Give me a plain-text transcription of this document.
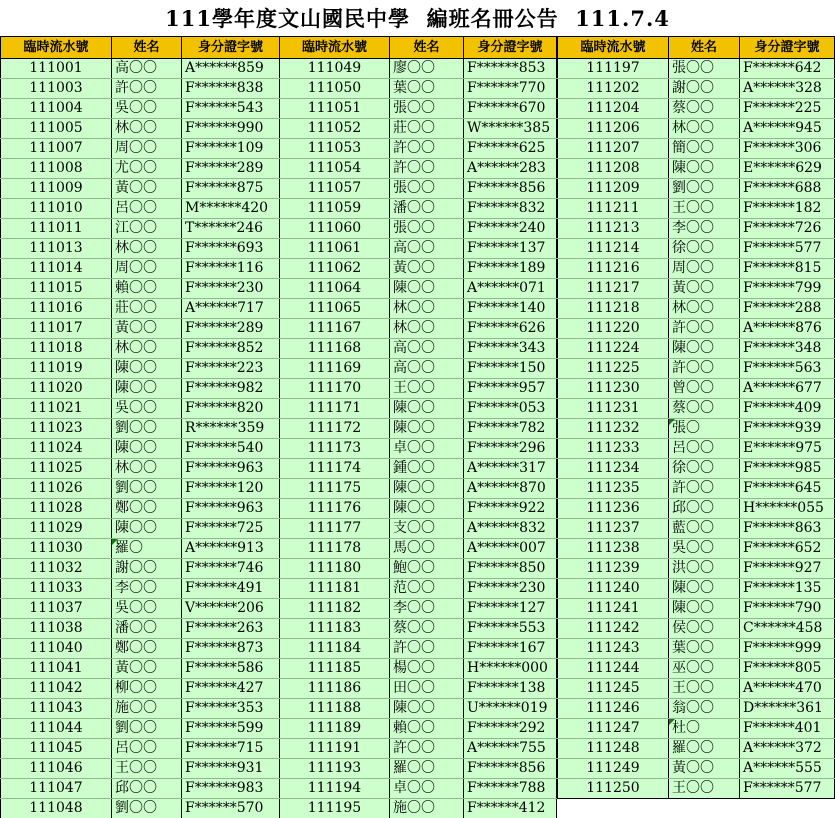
111學年度文山國民中學  編班名冊公告  111.7.4
臨時流水號	姓名	身分證字號
111001	高〇〇	A******859
111003	許〇〇	F******838
111004	吳〇〇	F******543
111005	林〇〇	F******990
111007	周〇〇	F******109
111008	尤〇〇	F******289
111009	黃〇〇	F******875
111010	呂〇〇	M******420
111011	江〇〇	T******246
111013	林〇〇	F******693
111014	周〇〇	F******116
111015	賴〇〇	F******230
111016	莊〇〇	A******717
111017	黃〇〇	F******289
111018	林〇〇	F******852
111019	陳〇〇	F******223
111020	陳〇〇	F******982
111021	吳〇〇	F******820
111023	劉〇〇	R******359
111024	陳〇〇	F******540
111025	林〇〇	F******963
111026	劉〇〇	F******120
111028	鄭〇〇	F******963
111029	陳〇〇	F******725
111030	羅〇	A******913
111032	謝〇〇	F******746
111033	李〇〇	F******491
111037	吳〇〇	V******206
111038	潘〇〇	F******263
111040	鄭〇〇	F******873
111041	黃〇〇	F******586
111042	柳〇〇	F******427
111043	施〇〇	F******353
111044	劉〇〇	F******599
111045	呂〇〇	F******715
111046	王〇〇	F******931
111047	邱〇〇	F******983
111048	劉〇〇	F******570
臨時流水號	姓名	身分證字號
111049	廖〇〇	F******853
111050	葉〇〇	F******770
111051	張〇〇	F******670
111052	莊〇〇	W******385
111053	許〇〇	F******625
111054	許〇〇	A******283
111057	張〇〇	F******856
111059	潘〇〇	F******832
111060	張〇〇	F******240
111061	高〇〇	F******137
111062	黃〇〇	F******189
111064	陳〇〇	A******071
111065	林〇〇	F******140
111167	林〇〇	F******626
111168	高〇〇	F******343
111169	高〇〇	F******150
111170	王〇〇	F******957
111171	陳〇〇	F******053
111172	陳〇〇	F******782
111173	卓〇〇	F******296
111174	鍾〇〇	A******317
111175	陳〇〇	A******870
111176	陳〇〇	F******922
111177	支〇〇	A******832
111178	馬〇〇	A******007
111180	鮑〇〇	F******850
111181	范〇〇	F******230
111182	李〇〇	F******127
111183	蔡〇〇	F******553
111184	許〇〇	F******167
111185	楊〇〇	H******000
111186	田〇〇	F******138
111188	陳〇〇	U******019
111189	賴〇〇	F******292
111191	許〇〇	A******755
111193	羅〇〇	F******856
111194	卓〇〇	F******788
111195	施〇〇	F******412
臨時流水號	姓名	身分證字號
111197	張〇〇	F******642
111202	謝〇〇	A******328
111204	蔡〇〇	F******225
111206	林〇〇	A******945
111207	簡〇〇	F******306
111208	陳〇〇	E******629
111209	劉〇〇	F******688
111211	王〇〇	F******182
111213	李〇〇	F******726
111214	徐〇〇	F******577
111216	周〇〇	F******815
111217	黃〇〇	F******799
111218	林〇〇	F******288
111220	許〇〇	A******876
111224	陳〇〇	F******348
111225	許〇〇	F******563
111230	曾〇〇	A******677
111231	蔡〇〇	F******409
111232	張〇	F******939
111233	呂〇〇	E******975
111234	徐〇〇	F******985
111235	許〇〇	F******645
111236	邱〇〇	H******055
111237	藍〇〇	F******863
111238	吳〇〇	F******652
111239	洪〇〇	F******927
111240	陳〇〇	F******135
111241	陳〇〇	F******790
111242	侯〇〇	C******458
111243	葉〇〇	F******999
111244	巫〇〇	F******805
111245	王〇〇	A******470
111246	翁〇〇	D******361
111247	杜〇	F******401
111248	羅〇〇	A******372
111249	黃〇〇	A******555
111250	王〇〇	F******577
